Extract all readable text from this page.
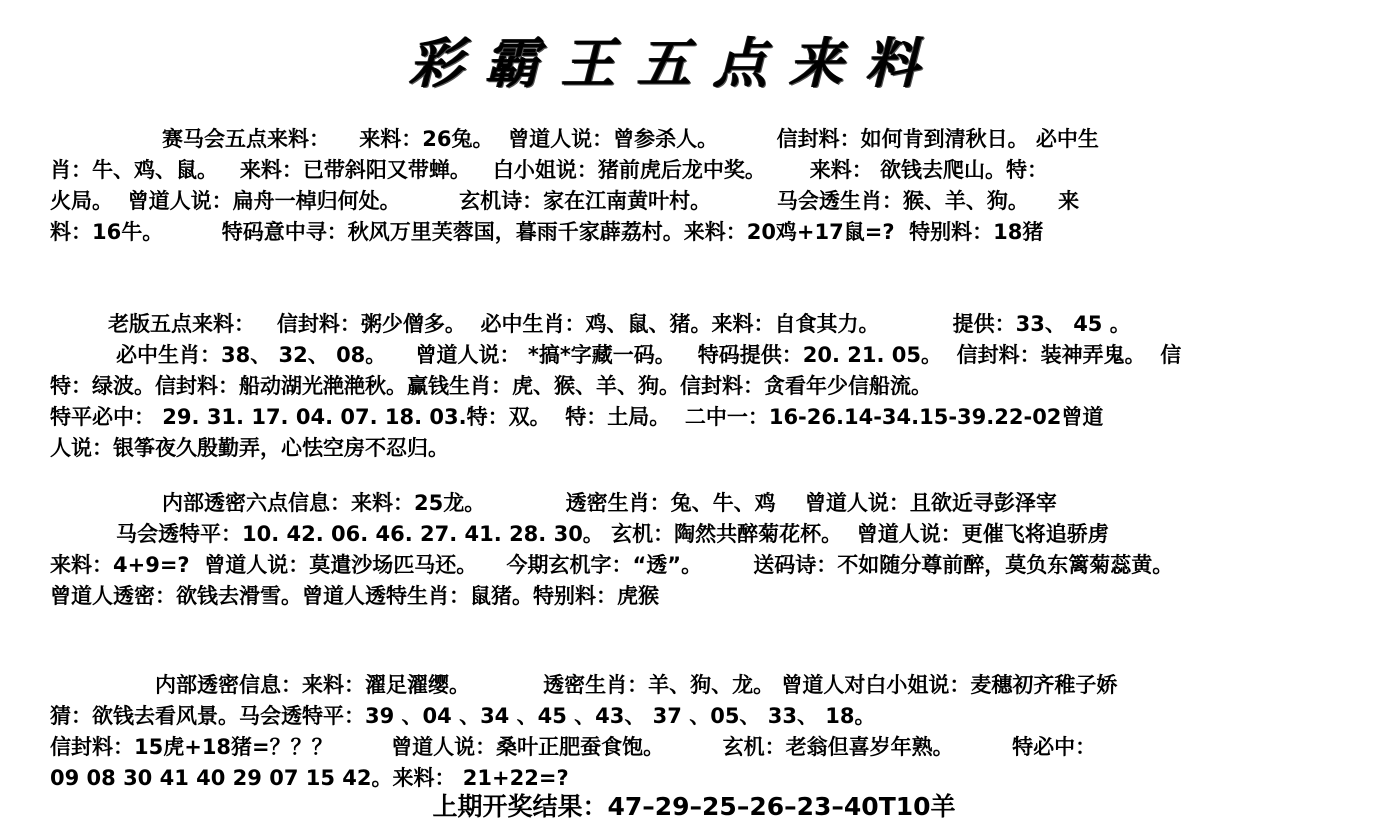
彩霸王五点来料
赛马会五点来料：    来料：26兔。  曾道人说：曾参杀人。        信封料：如何肯到清秋日。 必中生
肖：牛、鸡、鼠。   来料：已带斜阳又带蝉。   白小姐说：猪前虎后龙中奖。      来料： 欲钱去爬山。特：
火局。  曾道人说：扁舟一棹归何处。        玄机诗：家在江南黄叶村。         马会透生肖：猴、羊、狗。    来
料：16牛。        特码意中寻：秋风万里芙蓉国，暮雨千家薜荔村。来料：20鸡+17鼠=?  特别料：18猪
老版五点来料：   信封料：粥少僧多。  必中生肖：鸡、鼠、猪。来料：自食其力。          提供：33、 45 。
必中生肖：38、 32、 08。    曾道人说： *搞*字藏一码。   特码提供：20. 21. 05。  信封料：装神弄鬼。  信
特：绿波。信封料：船动湖光滟滟秋。赢钱生肖：虎、猴、羊、狗。信封料：贪看年少信船流。
特平必中： 29. 31. 17. 04. 07. 18. 03.特：双。  特：土局。  二中一：16-26.14-34.15-39.22-02曾道
人说：银筝夜久殷勤弄，心怯空房不忍归。
内部透密六点信息：来料：25龙。           透密生肖：兔、牛、鸡    曾道人说：且欲近寻彭泽宰
马会透特平：10. 42. 06. 46. 27. 41. 28. 30。 玄机：陶然共醉菊花杯。  曾道人说：更催飞将追骄虏
来料：4+9=?  曾道人说：莫遣沙场匹马还。    今期玄机字：“透”。       送码诗：不如随分尊前醉，莫负东篱菊蕊黄。
曾道人透密：欲钱去滑雪。曾道人透特生肖：鼠猪。特别料：虎猴
内部透密信息：来料：濯足濯缨。          透密生肖：羊、狗、龙。 曾道人对白小姐说：麦穗初齐稚子娇
猜：欲钱去看风景。马会透特平：39 、04 、34 、45 、43、 37 、05、 33、 18。
信封料：15虎+18猪=？？？        曾道人说：桑叶正肥蚕食饱。        玄机：老翁但喜岁年熟。        特必中：
09 08 30 41 40 29 07 15 42。来料： 21+22=?
上期开奖结果：47–29–25–26–23–40T10羊
